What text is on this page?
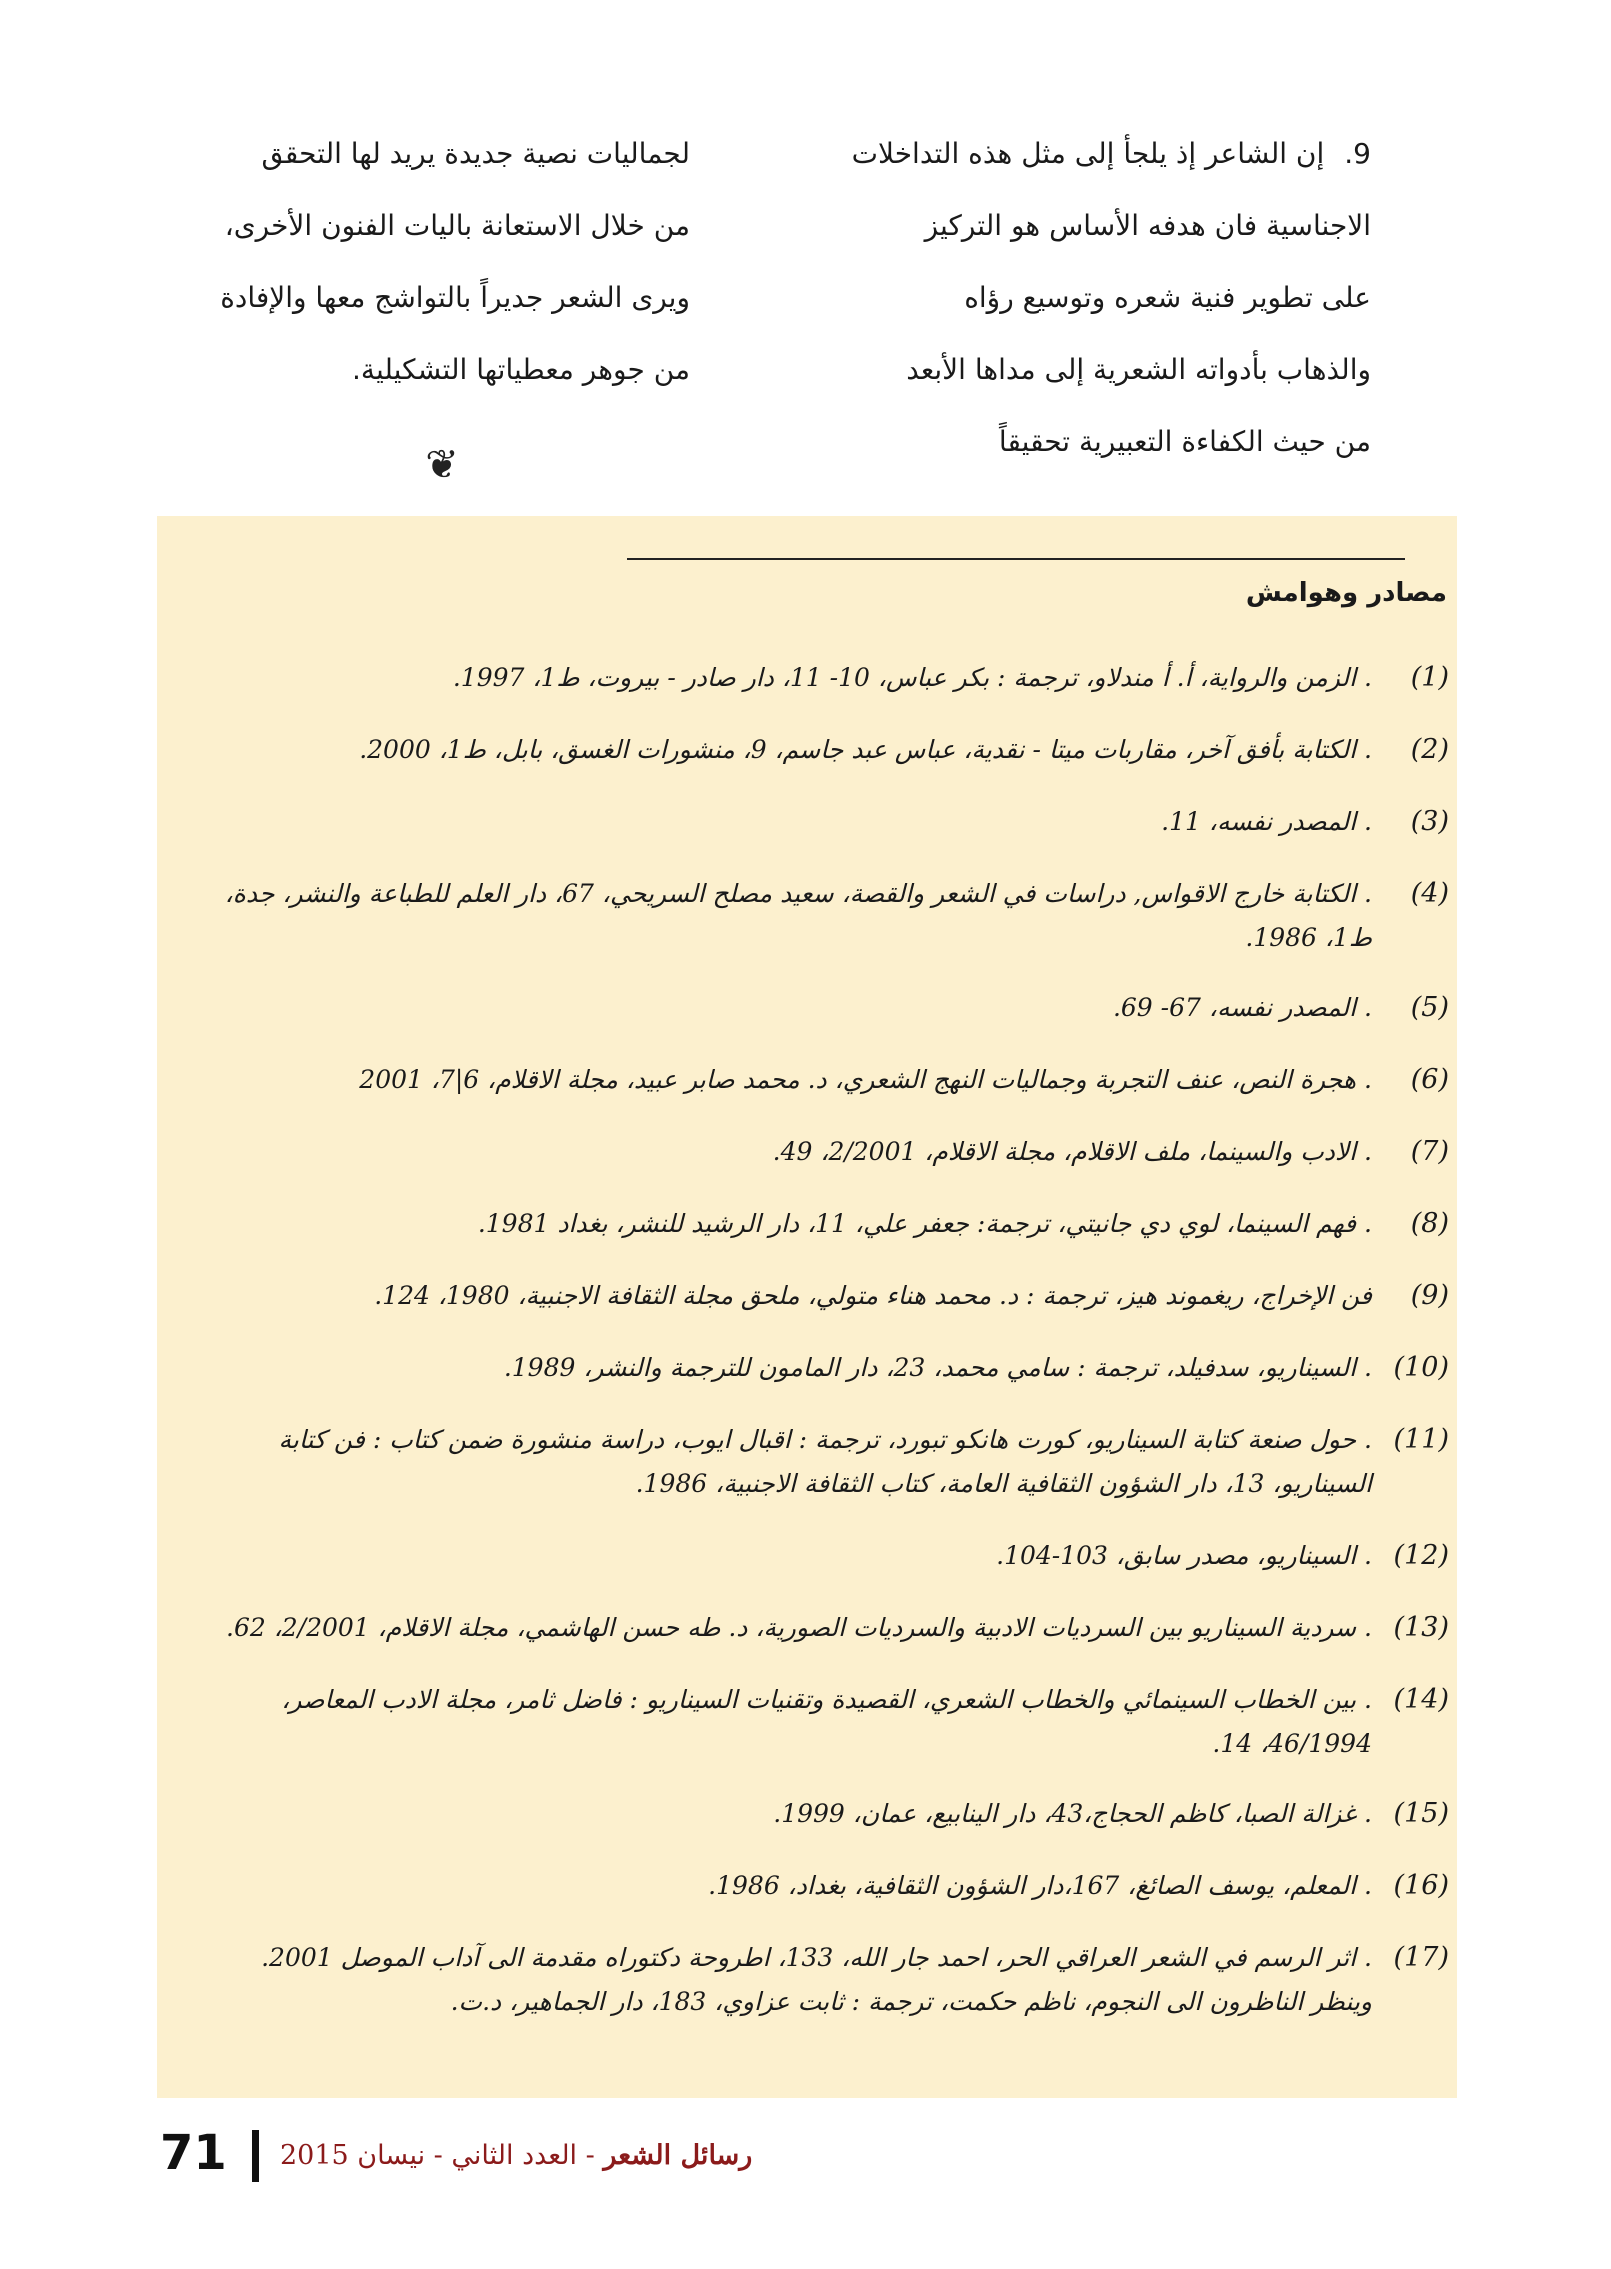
9.إن الشاعر إذ يلجأ إلى مثل هذه التداخلات

الاجناسية فان هدفه الأساس هو التركيز

على تطوير فنية شعره وتوسيع رؤاه

والذهاب بأدواته الشعرية إلى مداها الأبعد

من حيث الكفاءة التعبيرية تحقيقاً

لجماليات نصية جديدة يريد لها التحقق

من خلال الاستعانة باليات الفنون الأخرى،

ويرى الشعر جديراً بالتواشج معها والإفادة

من جوهر معطياتها التشكيلية.

❦
مصادر وهوامش
(1)
. الزمن والرواية، أ. أ مندلاو، ترجمة : بكر عباس، 10- 11، دار صادر - بيروت، ط1، 1997.
(2)
. الكتابة بأفق آخر، مقاربات ميتا - نقدية، عباس عبد جاسم، 9، منشورات الغسق، بابل، ط1، 2000.
(3)
. المصدر نفسه، 11.
(4)
. الكتابة خارج الاقواس, دراسات في الشعر والقصة، سعيد مصلح السريحي، 67، دار العلم للطباعة والنشر، جدة، ط1، 1986.
(5)
. المصدر نفسه، 67- 69.
(6)
. هجرة النص، عنف التجربة وجماليات النهج الشعري، د. محمد صابر عبيد، مجلة الاقلام، 6|7، 2001
(7)
. الادب والسينما، ملف الاقلام، مجلة الاقلام، 2/2001، 49.
(8)
. فهم السينما، لوي دي جانيتي، ترجمة: جعفر علي، 11، دار الرشيد للنشر، بغداد 1981.
(9)
فن الإخراج، ريغموند هيز، ترجمة : د. محمد هناء متولي، ملحق مجلة الثقافة الاجنبية، 1980، 124.
(10)
. السيناريو، سدفيلد، ترجمة : سامي محمد، 23، دار المامون للترجمة والنشر، 1989.
(11)
. حول صنعة كتابة السيناريو، كورت هانكو تبورد، ترجمة : اقبال ايوب، دراسة منشورة ضمن كتاب : فن كتابة السيناريو، 13، دار الشؤون الثقافية العامة، كتاب الثقافة الاجنبية، 1986.
(12)
. السيناريو، مصدر سابق، 103-104.
(13)
. سردية السيناريو بين السرديات الادبية والسرديات الصورية، د. طه حسن الهاشمي، مجلة الاقلام، 2/2001، 62.
(14)
. بين الخطاب السينمائي والخطاب الشعري، القصيدة وتقنيات السيناريو : فاضل ثامر، مجلة الادب المعاصر، 46/1994، 14.
(15)
. غزالة الصبا، كاظم الحجاج،43، دار الينابيع، عمان، 1999.
(16)
. المعلم، يوسف الصائغ، 167،دار الشؤون الثقافية، بغداد، 1986.
(17)
. اثر الرسم في الشعر العراقي الحر، احمد جار الله، 133، اطروحة دكتوراه مقدمة الى آداب الموصل 2001. وينظر الناظرون الى النجوم، ناظم حكمت، ترجمة : ثابت عزاوي، 183، دار الجماهير، د.ت.
71	رسائل الشعر - العدد الثاني - نيسان 2015
